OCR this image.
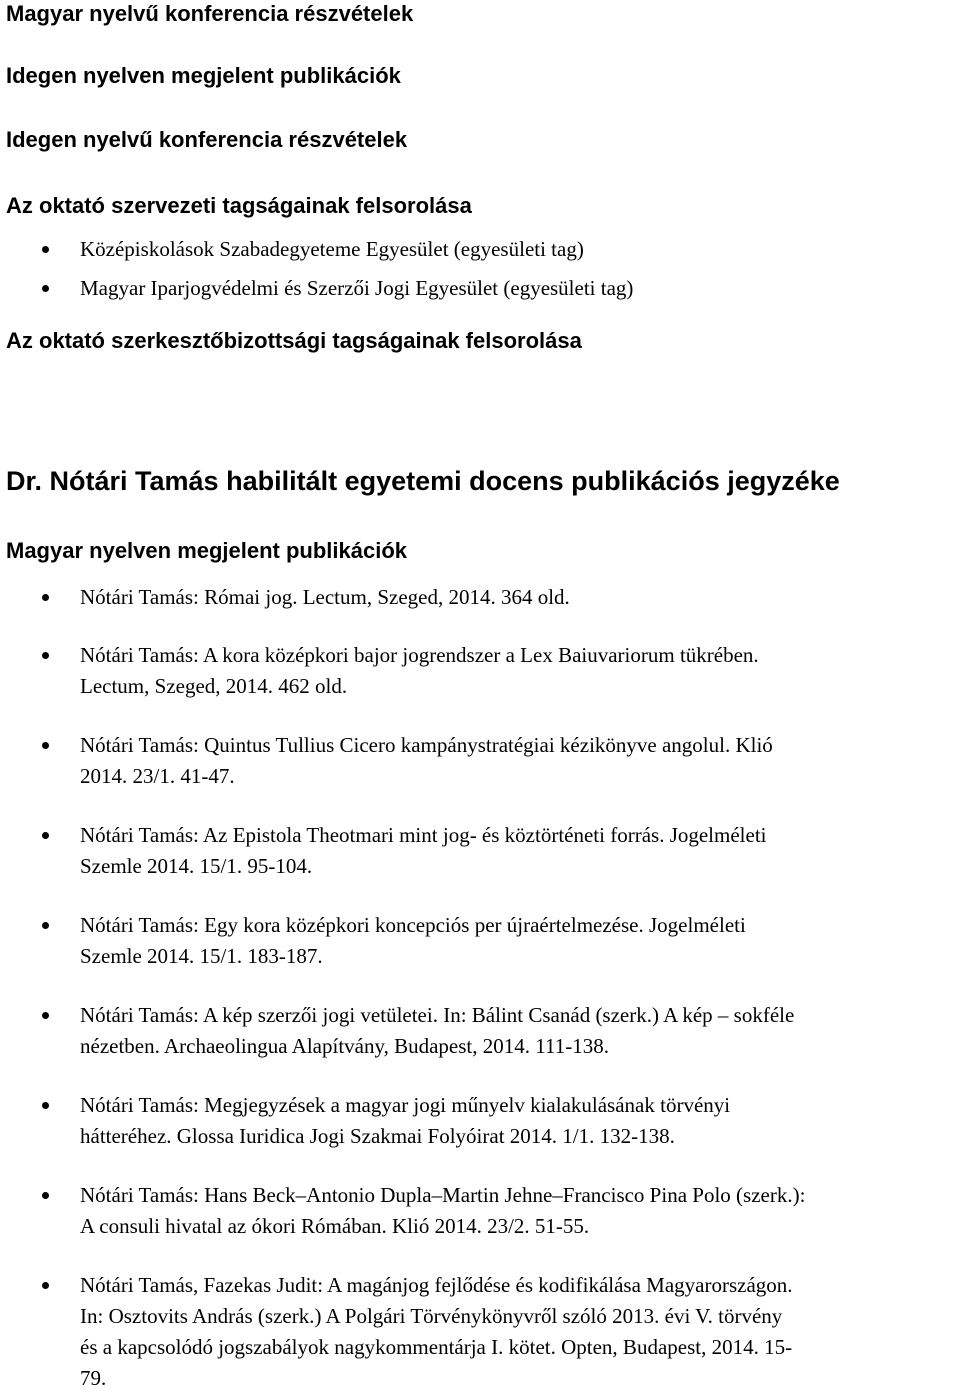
Magyar nyelvű konferencia részvételek
Idegen nyelven megjelent publikációk
Idegen nyelvű konferencia részvételek
Az oktató szervezeti tagságainak felsorolása
Középiskolások Szabadegyeteme Egyesület (egyesületi tag)
Magyar Iparjogvédelmi és Szerzői Jogi Egyesület (egyesületi tag)
Az oktató szerkesztőbizottsági tagságainak felsorolása
Dr. Nótári Tamás habilitált egyetemi docens publikációs jegyzéke
Magyar nyelven megjelent publikációk
Nótári Tamás: Római jog. Lectum, Szeged, 2014. 364 old.
Nótári Tamás: A kora középkori bajor jogrendszer a Lex Baiuvariorum tükrében.
Lectum, Szeged, 2014. 462 old.
Nótári Tamás: Quintus Tullius Cicero kampánystratégiai kézikönyve angolul. Klió
2014. 23/1. 41-47.
Nótári Tamás: Az Epistola Theotmari mint jog- és köztörténeti forrás. Jogelméleti
Szemle 2014. 15/1. 95-104.
Nótári Tamás: Egy kora középkori koncepciós per újraértelmezése. Jogelméleti
Szemle 2014. 15/1. 183-187.
Nótári Tamás: A kép szerzői jogi vetületei. In: Bálint Csanád (szerk.) A kép – sokféle
nézetben. Archaeolingua Alapítvány, Budapest, 2014. 111-138.
Nótári Tamás: Megjegyzések a magyar jogi műnyelv kialakulásának törvényi
hátteréhez. Glossa Iuridica Jogi Szakmai Folyóirat 2014. 1/1. 132-138.
Nótári Tamás: Hans Beck–Antonio Dupla–Martin Jehne–Francisco Pina Polo (szerk.):
A consuli hivatal az ókori Rómában. Klió 2014. 23/2. 51-55.
Nótári Tamás, Fazekas Judit: A magánjog fejlődése és kodifikálása Magyarországon.
In: Osztovits András (szerk.) A Polgári Törvénykönyvről szóló 2013. évi V. törvény
és a kapcsolódó jogszabályok nagykommentárja I. kötet. Opten, Budapest, 2014. 15-
79.
